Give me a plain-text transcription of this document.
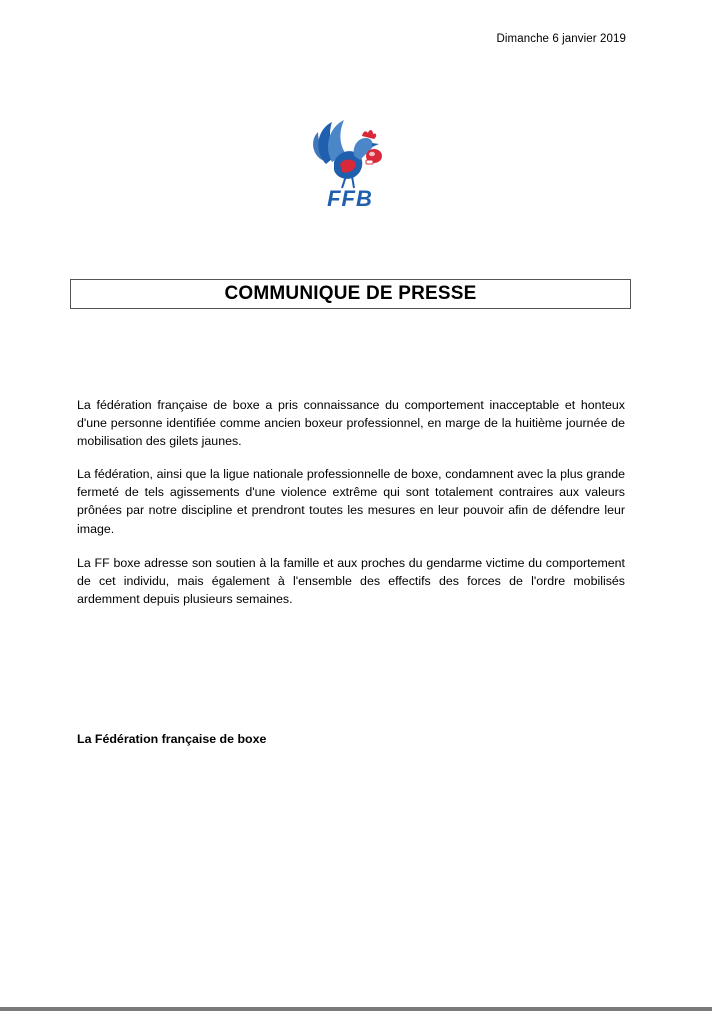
Dimanche 6 janvier 2019
FFB
COMMUNIQUE DE PRESSE

La fédération française de boxe a pris connaissance du comportement inacceptable et honteux d'une personne identifiée comme ancien boxeur professionnel, en marge de la huitième journée de mobilisation des gilets jaunes.

La fédération, ainsi que la ligue nationale professionnelle de boxe, condamnent avec la plus grande fermeté de tels agissements d'une violence extrême qui sont totalement contraires aux valeurs prônées par notre discipline et prendront toutes les mesures en leur pouvoir afin de défendre leur image.

La FF boxe adresse son soutien à la famille et aux proches du gendarme victime du comportement de cet individu, mais également à l'ensemble des effectifs des forces de l'ordre mobilisés ardemment depuis plusieurs semaines.

La Fédération française de boxe
